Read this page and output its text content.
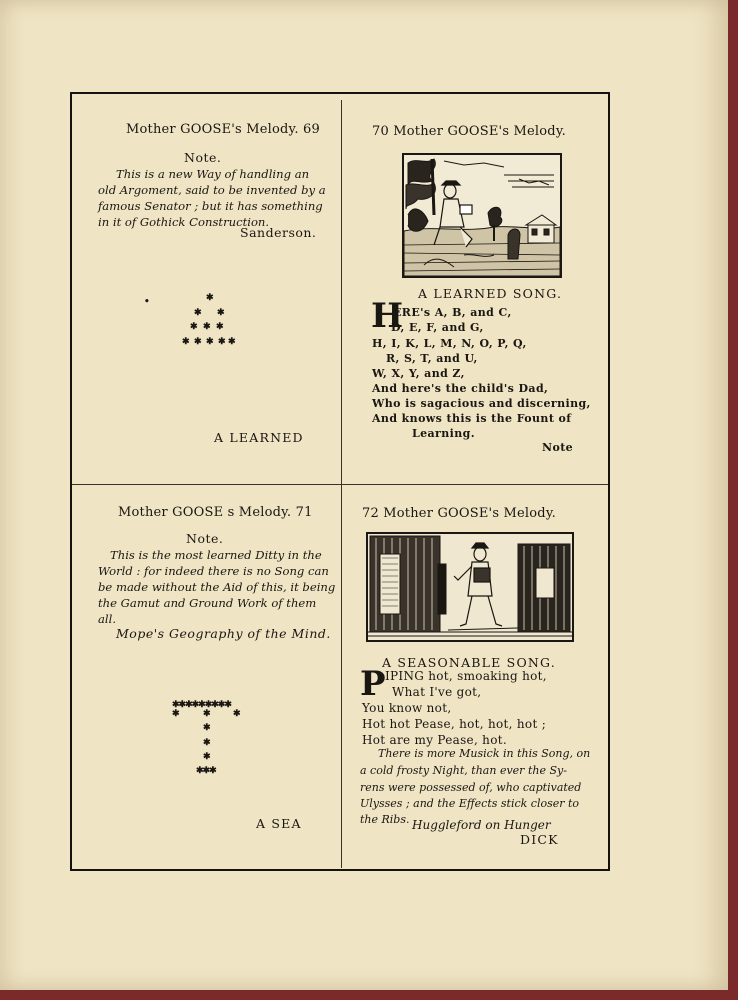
Mother GOOSE's Melody. 69
Note.
This is a new Way of handling an
old Argoment, said to be invented by a
famous Senator ; but it has something
in it of Gothick Construction.
Sanderson.
•	✱
✱ ✱
✱ ✱ ✱
✱ ✱ ✱ ✱ ✱
A LEARNED
70 Mother GOOSE's Melody.
A LEARNED SONG.
H
ERE's A, B, and C,
D, E, F, and G,
H, I, K, L, M, N, O, P, Q,
R, S, T, and U,
W, X, Y, and Z,
And here's the child's Dad,
Who is sagacious and discerning,
And knows this is the Fount of
Learning.
Note
Mother GOOSE s Melody. 71
Note.
This is the most learned Ditty in the
World : for indeed there is no Song can
be made without the Aid of this, it being
the Gamut and Ground Work of them
all.
Mope's Geography of the Mind.
✱✱✱✱✱✱✱✱✱
✱	✱ ✱
✱
✱
✱
✱✱✱
A SEA
72 Mother GOOSE's Melody.
A SEASONABLE SONG.
P IPING hot, smoaking hot,
What I've got,
You know not,
Hot hot Pease, hot, hot, hot ;
Hot are my Pease, hot.
There is more Musick in this Song, on
a cold frosty Night, than ever the Sy-
rens were possessed of, who captivated
Ulysses ; and the Effects stick closer to
the Ribs. Huggleford on Hunger
DICK
